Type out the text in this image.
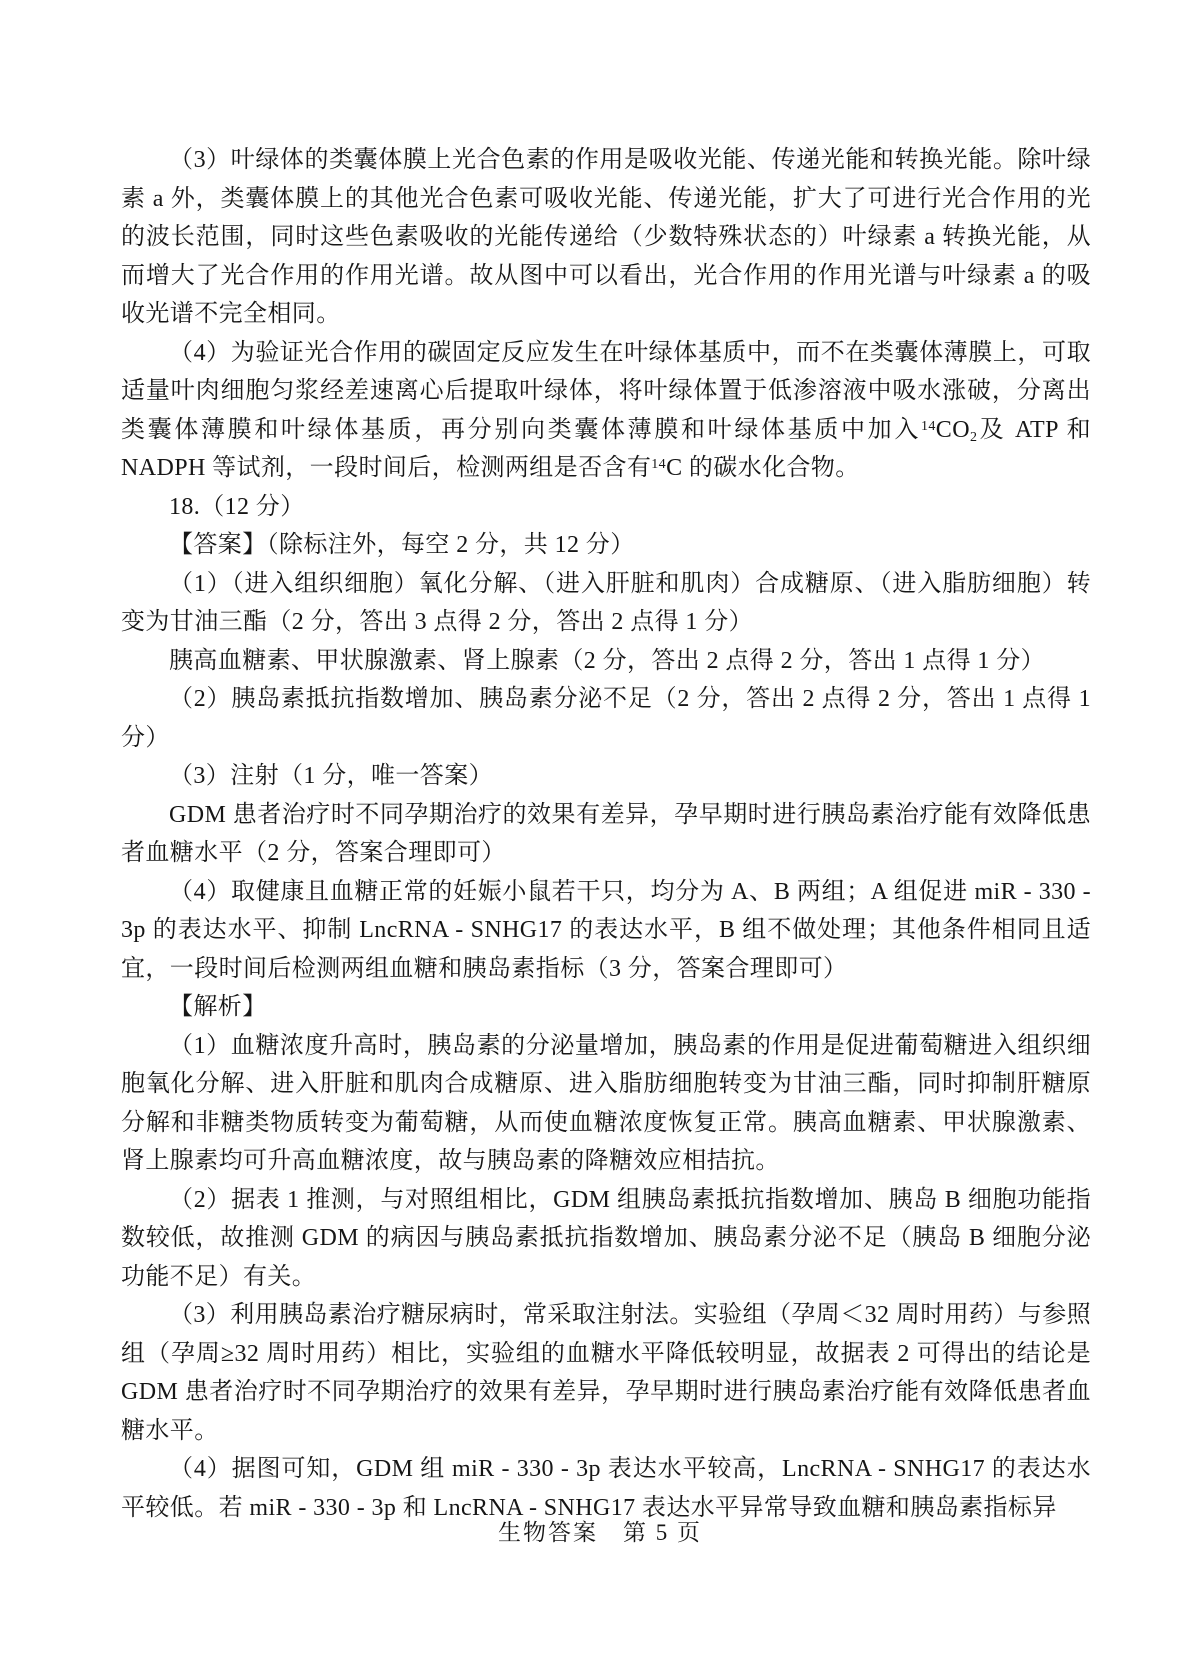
（3）叶绿体的类囊体膜上光合色素的作用是吸收光能、传递光能和转换光能。除叶绿素 a 外，类囊体膜上的其他光合色素可吸收光能、传递光能，扩大了可进行光合作用的光的波长范围，同时这些色素吸收的光能传递给（少数特殊状态的）叶绿素 a 转换光能，从而增大了光合作用的作用光谱。故从图中可以看出，光合作用的作用光谱与叶绿素 a 的吸收光谱不完全相同。

（4）为验证光合作用的碳固定反应发生在叶绿体基质中，而不在类囊体薄膜上，可取适量叶肉细胞匀浆经差速离心后提取叶绿体，将叶绿体置于低渗溶液中吸水涨破，分离出类囊体薄膜和叶绿体基质，再分别向类囊体薄膜和叶绿体基质中加入$^{14}CO_2$及 ATP 和 NADPH 等试剂，一段时间后，检测两组是否含有$^{14}$C 的碳水化合物。

18.（12 分）

【答案】（除标注外，每空 2 分，共 12 分）

（1）（进入组织细胞）氧化分解、（进入肝脏和肌肉）合成糖原、（进入脂肪细胞）转变为甘油三酯（2 分，答出 3 点得 2 分，答出 2 点得 1 分）

胰高血糖素、甲状腺激素、肾上腺素（2 分，答出 2 点得 2 分，答出 1 点得 1 分）

（2）胰岛素抵抗指数增加、胰岛素分泌不足（2 分，答出 2 点得 2 分，答出 1 点得 1 分）

（3）注射（1 分，唯一答案）

GDM 患者治疗时不同孕期治疗的效果有差异，孕早期时进行胰岛素治疗能有效降低患者血糖水平（2 分，答案合理即可）

（4）取健康且血糖正常的妊娠小鼠若干只，均分为 A、B 两组；A 组促进 miR - 330 - 3p 的表达水平、抑制 LncRNA - SNHG17 的表达水平，B 组不做处理；其他条件相同且适宜，一段时间后检测两组血糖和胰岛素指标（3 分，答案合理即可）

【解析】

（1）血糖浓度升高时，胰岛素的分泌量增加，胰岛素的作用是促进葡萄糖进入组织细胞氧化分解、进入肝脏和肌肉合成糖原、进入脂肪细胞转变为甘油三酯，同时抑制肝糖原分解和非糖类物质转变为葡萄糖，从而使血糖浓度恢复正常。胰高血糖素、甲状腺激素、肾上腺素均可升高血糖浓度，故与胰岛素的降糖效应相拮抗。

（2）据表 1 推测，与对照组相比，GDM 组胰岛素抵抗指数增加、胰岛 B 细胞功能指数较低，故推测 GDM 的病因与胰岛素抵抗指数增加、胰岛素分泌不足（胰岛 B 细胞分泌功能不足）有关。

（3）利用胰岛素治疗糖尿病时，常采取注射法。实验组（孕周＜32 周时用药）与参照组（孕周≥32 周时用药）相比，实验组的血糖水平降低较明显，故据表 2 可得出的结论是 GDM 患者治疗时不同孕期治疗的效果有差异，孕早期时进行胰岛素治疗能有效降低患者血糖水平。

（4）据图可知，GDM 组 miR - 330 - 3p 表达水平较高，LncRNA - SNHG17 的表达水平较低。若 miR - 330 - 3p 和 LncRNA - SNHG17 表达水平异常导致血糖和胰岛素指标异

生物答案　第 5 页
